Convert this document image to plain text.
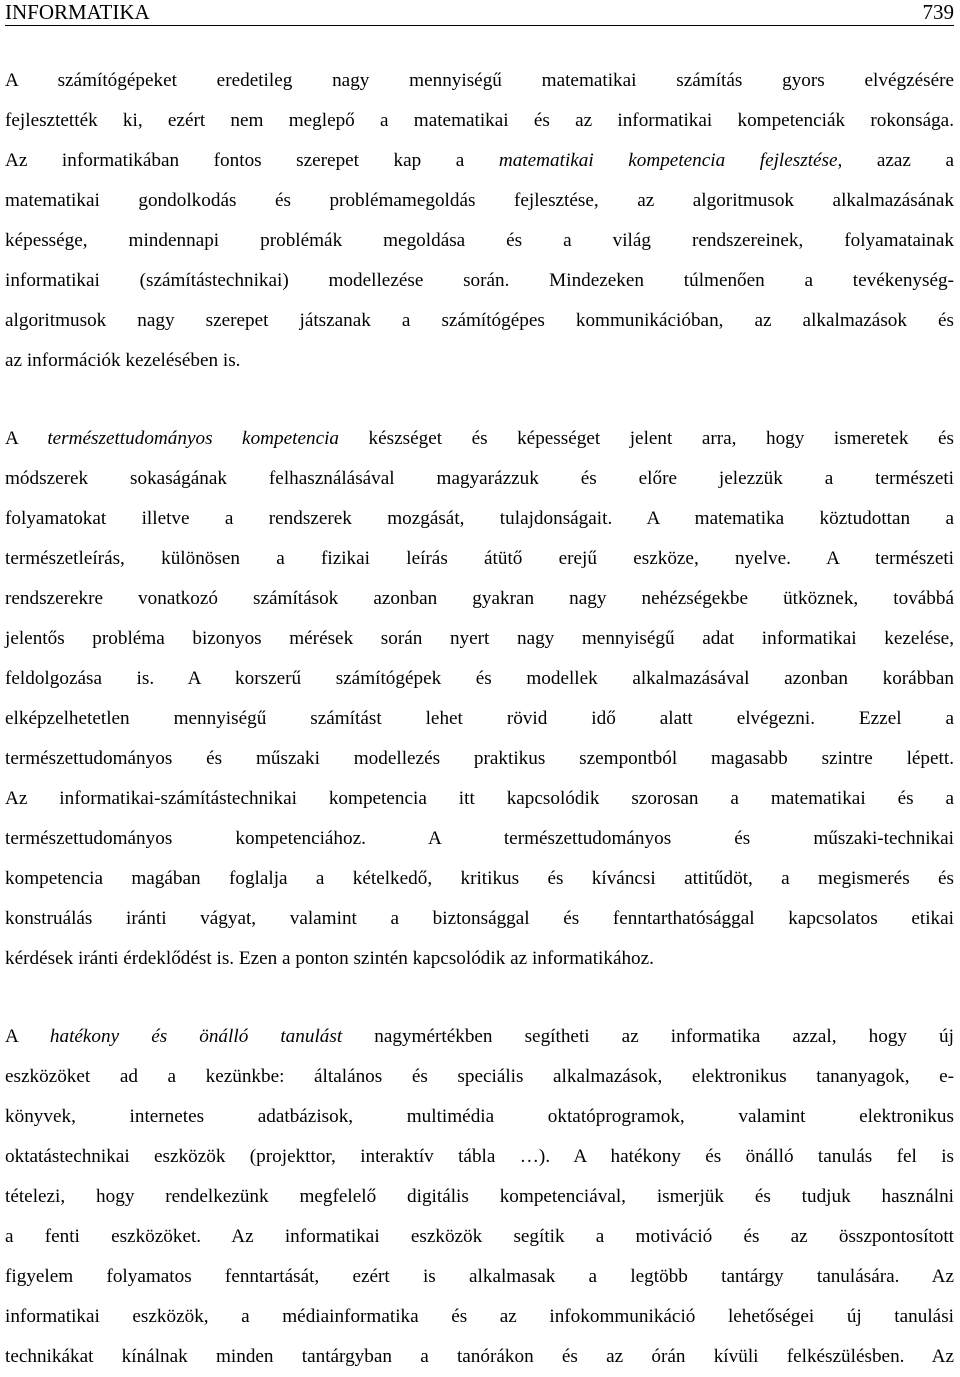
INFORMATIKA	739
A számítógépeket eredetileg nagy mennyiségű matematikai számítás gyors elvégzésére
fejlesztették ki, ezért nem meglepő a matematikai és az informatikai kompetenciák rokonsága.
Az informatikában fontos szerepet kap a matematikai kompetencia fejlesztése, azaz a
matematikai gondolkodás és problémamegoldás fejlesztése, az algoritmusok alkalmazásának
képessége, mindennapi problémák megoldása és a világ rendszereinek, folyamatainak
informatikai (számítástechnikai) modellezése során. Mindezeken túlmenően a tevékenység-
algoritmusok nagy szerepet játszanak a számítógépes kommunikációban, az alkalmazások és
az információk kezelésében is.
A természettudományos kompetencia készséget és képességet jelent arra, hogy ismeretek és
módszerek sokaságának felhasználásával magyarázzuk és előre jelezzük a természeti
folyamatokat illetve a rendszerek mozgását, tulajdonságait. A matematika köztudottan a
természetleírás, különösen a fizikai leírás átütő erejű eszköze, nyelve. A természeti
rendszerekre vonatkozó számítások azonban gyakran nagy nehézségekbe ütköznek, továbbá
jelentős probléma bizonyos mérések során nyert nagy mennyiségű adat informatikai kezelése,
feldolgozása is. A korszerű számítógépek és modellek alkalmazásával azonban korábban
elképzelhetetlen mennyiségű számítást lehet rövid idő alatt elvégezni. Ezzel a
természettudományos és műszaki modellezés praktikus szempontból magasabb szintre lépett.
Az informatikai-számítástechnikai kompetencia itt kapcsolódik szorosan a matematikai és a
természettudományos kompetenciához. A természettudományos és műszaki-technikai
kompetencia magában foglalja a kételkedő, kritikus és kíváncsi attitűdöt, a megismerés és
konstruálás iránti vágyat, valamint a biztonsággal és fenntarthatósággal kapcsolatos etikai
kérdések iránti érdeklődést is. Ezen a ponton szintén kapcsolódik az informatikához.
A hatékony és önálló tanulást nagymértékben segítheti az informatika azzal, hogy új
eszközöket ad a kezünkbe: általános és speciális alkalmazások, elektronikus tananyagok, e-
könyvek, internetes adatbázisok, multimédia oktatóprogramok, valamint elektronikus
oktatástechnikai eszközök (projekttor, interaktív tábla …). A hatékony és önálló tanulás fel is
tételezi, hogy rendelkezünk megfelelő digitális kompetenciával, ismerjük és tudjuk használni
a fenti eszközöket. Az informatikai eszközök segítik a motiváció és az összpontosított
figyelem folyamatos fenntartását, ezért is alkalmasak a legtöbb tantárgy tanulására. Az
informatikai eszközök, a médiainformatika és az infokommunikáció lehetőségei új tanulási
technikákat kínálnak minden tantárgyban a tanórákon és az órán kívüli felkészülésben. Az
